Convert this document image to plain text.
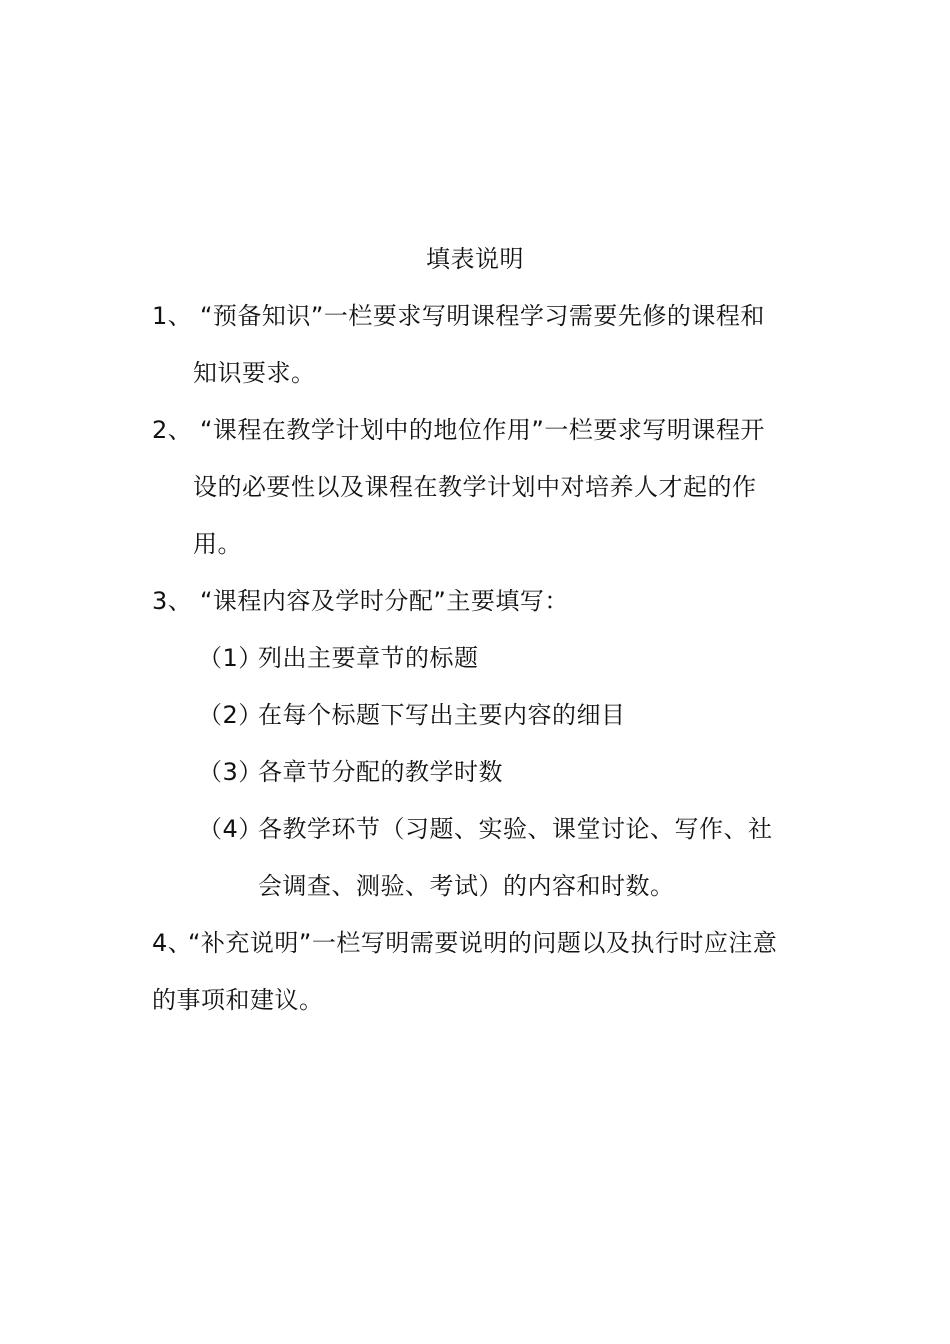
填表说明
1、 “预备知识”一栏要求写明课程学习需要先修的课程和
知识要求。
2、 “课程在教学计划中的地位作用”一栏要求写明课程开
设的必要性以及课程在教学计划中对培养人才起的作
用。
3、 “课程内容及学时分配”主要填写：
（1）
列出主要章节的标题
（2）
在每个标题下写出主要内容的细目
（3）
各章节分配的教学时数
（4）
各教学环节（习题、实验、课堂讨论、写作、社
会调查、测验、考试）的内容和时数。
4、
“补充说明”一栏写明需要说明的问题以及执行时应注意
的事项和建议。
